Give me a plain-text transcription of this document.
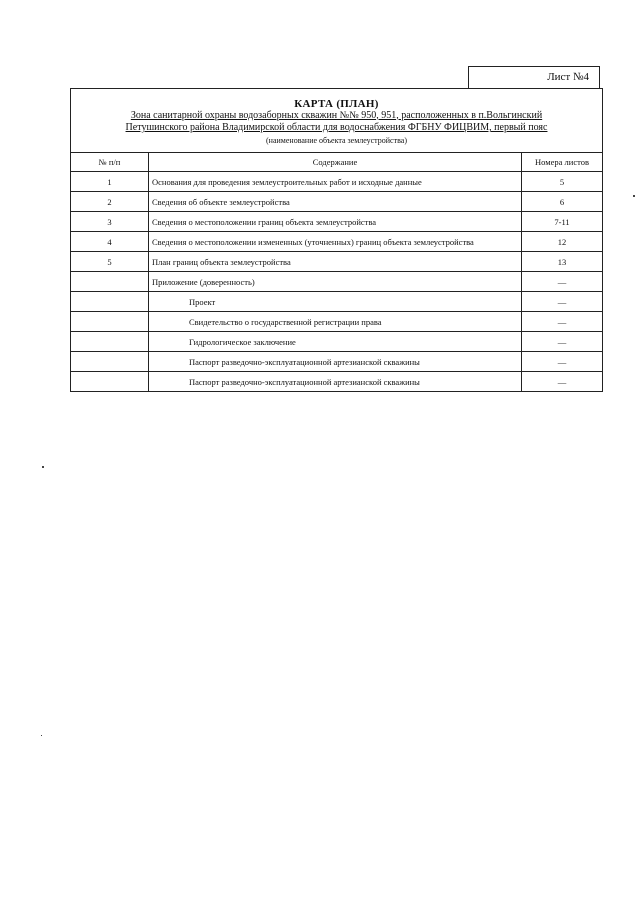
Лист №4
КАРТА (ПЛАН)
Зона санитарной охраны водозаборных скважин №№ 950, 951, расположенных в п.Вольгинский
Петушинского района Владимирской области для водоснабжения ФГБНУ ФИЦВИМ, первый пояс
(наименование объекта землеустройства)		

№ п/п	Содержание	Номера листов
1	Основания для проведения землеустроительных работ и исходные данные	5
2	Сведения об объекте землеустройства	6
3	Сведения о местоположении границ объекта землеустройства	7-11
4	Сведения о местоположении измененных (уточненных) границ объекта землеустройства	12
5	План границ объекта землеустройства	13
	Приложение (доверенность)	—
	Проект	—
	Свидетельство о государственной регистрации права	—
	Гидрологическое заключение	—
	Паспорт разведочно-эксплуатационной артезианской скважины	—
	Паспорт разведочно-эксплуатационной артезианской скважины	—
